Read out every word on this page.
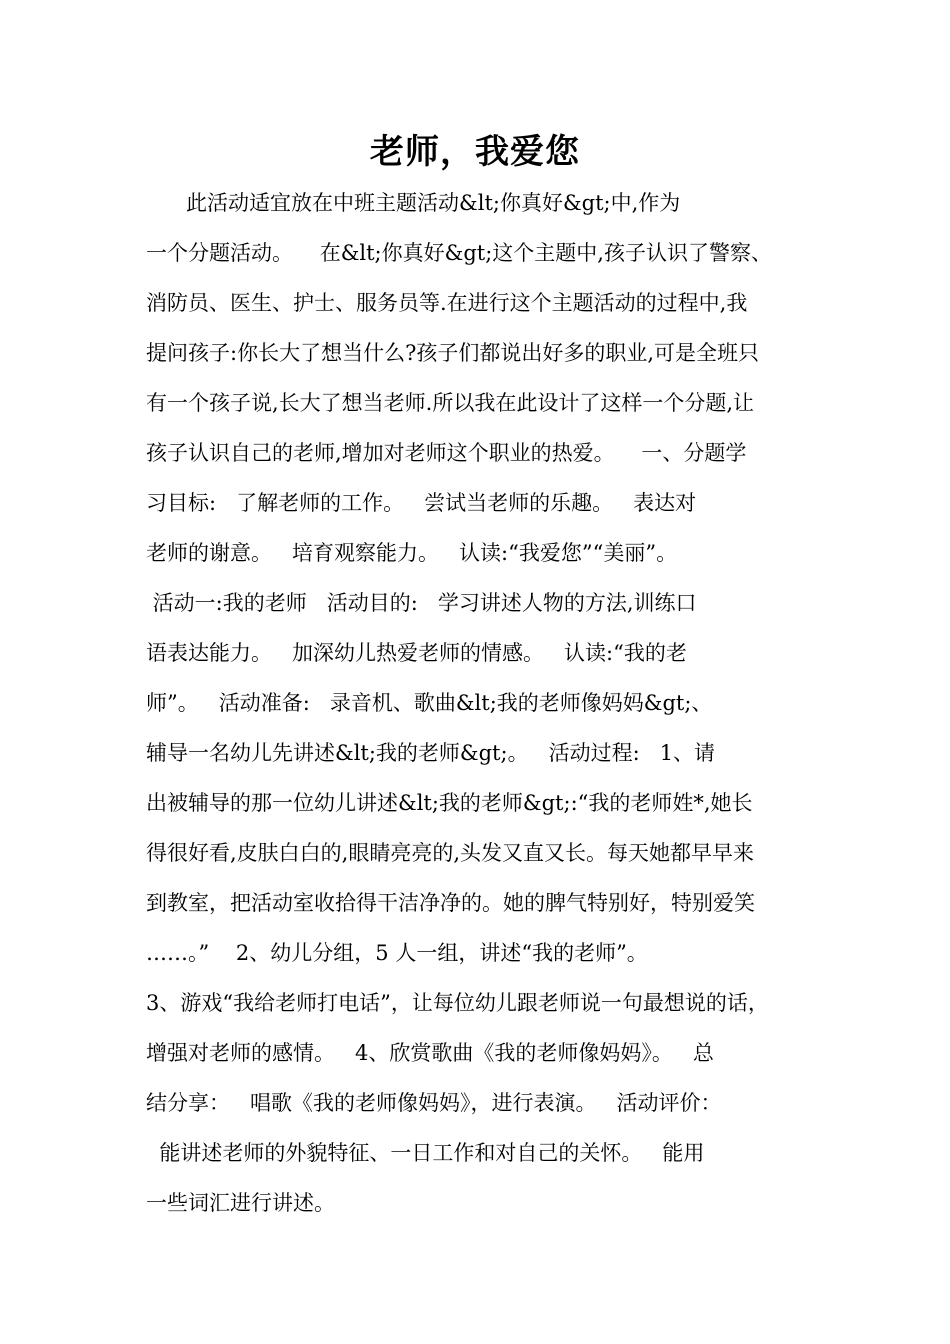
老师，我爱您
此活动适宜放在中班主题活动&lt;你真好&gt;中,作为
一个分题活动。    在&lt;你真好&gt;这个主题中,孩子认识了警察、
消防员、医生、护士、服务员等.在进行这个主题活动的过程中,我
提问孩子:你长大了想当什么?孩子们都说出好多的职业,可是全班只
有一个孩子说,长大了想当老师.所以我在此设计了这样一个分题,让
孩子认识自己的老师,增加对老师这个职业的热爱。    一、分题学
习目标:   了解老师的工作。   尝试当老师的乐趣。   表达对
老师的谢意。   培育观察能力。   认读:“我爱您”“美丽”。
活动一:我的老师   活动目的:   学习讲述人物的方法,训练口
语表达能力。   加深幼儿热爱老师的情感。   认读:“我的老
师”。   活动准备:   录音机、歌曲&lt;我的老师像妈妈&gt;、
辅导一名幼儿先讲述&lt;我的老师&gt;。   活动过程:   1、请
出被辅导的那一位幼儿讲述&lt;我的老师&gt;:“我的老师姓*,她长
得很好看,皮肤白白的,眼睛亮亮的,头发又直又长。每天她都早早来
到教室，把活动室收拾得干洁净净的。她的脾气特别好，特别爱笑
……。”    2、幼儿分组，5 人一组，讲述“我的老师”。
3、游戏“我给老师打电话”，让每位幼儿跟老师说一句最想说的话，
增强对老师的感情。   4、欣赏歌曲《我的老师像妈妈》。   总
结分享：   唱歌《我的老师像妈妈》，进行表演。   活动评价：
能讲述老师的外貌特征、一日工作和对自己的关怀。   能用
一些词汇进行讲述。
